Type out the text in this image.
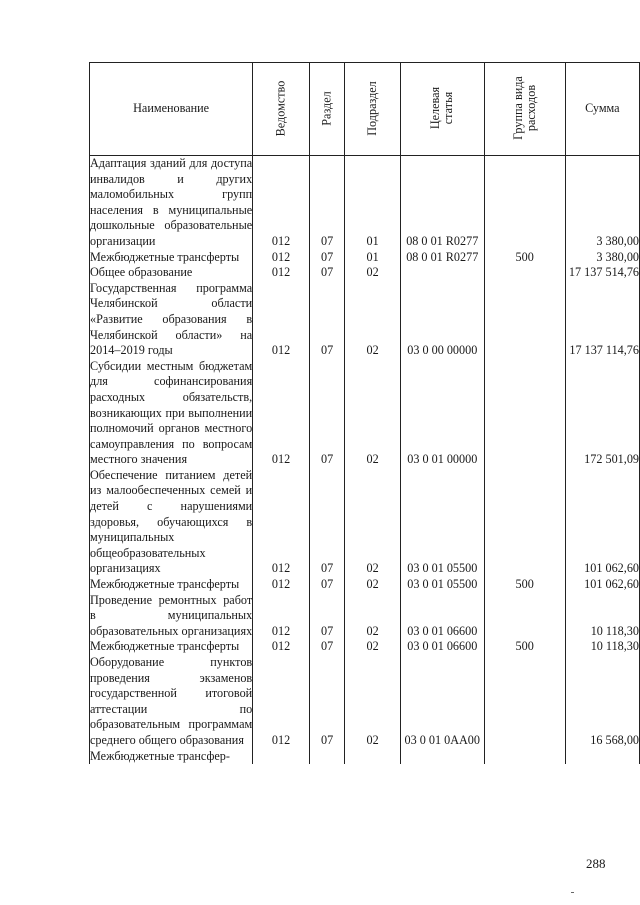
Наименование	Ведомство	Раздел	Подраздел	Целевая статья	Группа вида расходов	Сумма
Адаптация зданий для доступа инвалидов и других маломобильных групп населения в муниципальные дошкольные образовательные организации	012	07	01	08 0 01 R0277		3 380,00
Межбюджетные трансферты	012	07	01	08 0 01 R0277	500	3 380,00
Общее образование	012	07	02			17 137 514,76
Государственная программа Челябинской области «Развитие образования в Челябинской области» на 2014–2019 годы	012	07	02	03 0 00 00000		17 137 114,76
Субсидии местным бюджетам для софинансирования расходных обязательств, возникающих при выполнении полномочий органов местного самоуправления по вопросам местного значения	012	07	02	03 0 01 00000		172 501,09
Обеспечение питанием детей из малообеспеченных семей и детей с нарушениями здоровья, обучающихся в муниципальных общеобразовательных организациях	012	07	02	03 0 01 05500		101 062,60
Межбюджетные трансферты	012	07	02	03 0 01 05500	500	101 062,60
Проведение ремонтных работ в муниципальных образовательных организациях	012	07	02	03 0 01 06600		10 118,30
Межбюджетные трансферты	012	07	02	03 0 01 06600	500	10 118,30
Оборудование пунктов проведения экзаменов государственной итоговой аттестации по образовательным программам среднего общего образования	012	07	02	03 0 01 0AA00		16 568,00
Межбюджетные трансфер-						
288
